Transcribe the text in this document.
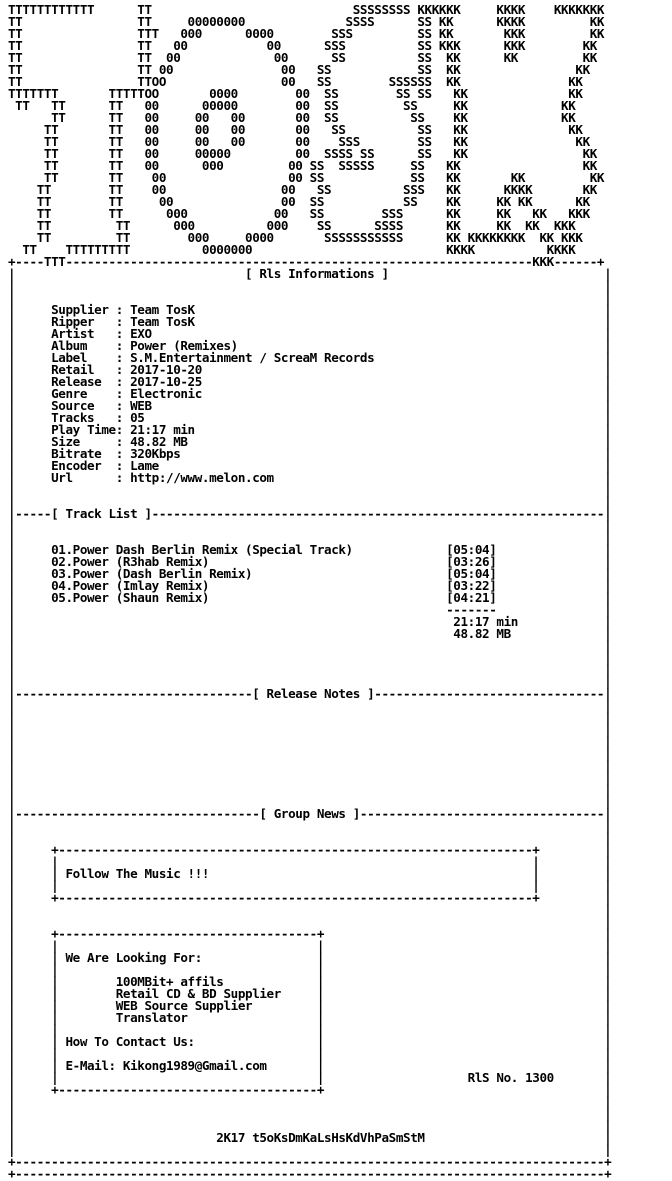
TTTTTTTTTTTT      TT                            SSSSSSSS KKKKKK     KKKK    KKKKKKK
TT                TT     00000000              SSSS      SS KK      KKKK         KK
TT                TTT   000      0000        SSS         SS KK       KKK         KK
TT                TT   00           00      SSS          SS KKK      KKK        KK
TT                TT  00             00      SS          SS  KK      KK         KK
TT                TT 00               00   SS            SS  KK                KK
TT                TTOO                00   SS        SSSSSS  KK               KK
TTTTTTT       TTTTTOO       0000        00  SS        SS SS   KK              KK
TT   TT      TT   00      00000        00  SS         SS     KK             KK
TT      TT   00     00   00       00  SS          SS    KK             KK
TT       TT   00     00   00       00   SS          SS   KK              KK
TT       TT   00     00   00       00    SSS        SS   KK               KK
TT       TT   00     00000         00  SSSS SS      SS   KK                KK
TT       TT   00      000         00 SS  SSSSS     SS   KK                 KK
TT       TT    00                 00 SS            SS   KK       KK         KK
TT        TT    00                00   SS          SSS   KK      KKKK       KK
TT        TT     00               00  SS           SS    KK     KK KK      KK
TT        TT      000            00   SS        SSS      KK     KK   KK   KKK
TT         TT      000          000    SS      SSSS      KK     KK  KK  KKK
TT         TT        000     0000       SSSSSSSSSSS      KK KKKKKKKK  KK KKK
TT    TTTTTTTTT          0000000                           KKKK          KKKK
+----TTT-----------------------------------------------------------------KKK------+
|                                [ Rls Informations ]                              |
|                                                                                  |
|                                                                                  |
|     Supplier : Team TosK                                                         |
|     Ripper   : Team TosK                                                         |
|     Artist   : EXO                                                               |
|     Album    : Power (Remixes)                                                   |
|     Label    : S.M.Entertainment / ScreaM Records                                |
|     Retail   : 2017-10-20                                                        |
|     Release  : 2017-10-25                                                        |
|     Genre    : Electronic                                                        |
|     Source   : WEB                                                               |
|     Tracks   : 05                                                                |
|     Play Time: 21:17 min                                                         |
|     Size     : 48.82 MB                                                          |
|     Bitrate  : 320Kbps                                                           |
|     Encoder  : Lame                                                              |
|     Url      : http://www.melon.com                                              |
|                                                                                  |
|                                                                                  |
|-----[ Track List ]---------------------------------------------------------------|
|                                                                                  |
|                                                                                  |
|     01.Power Dash Berlin Remix (Special Track)             [05:04]               |
|     02.Power (R3hab Remix)                                 [03:26]               |
|     03.Power (Dash Berlin Remix)                           [05:04]               |
|     04.Power (Imlay Remix)                                 [03:22]               |
|     05.Power (Shaun Remix)                                 [04:21]               |
|                                                            -------               |
|                                                             21:17 min            |
|                                                             48.82 MB             |
|                                                                                  |
|                                                                                  |
|                                                                                  |
|                                                                                  |
|---------------------------------[ Release Notes ]--------------------------------|
|                                                                                  |
|                                                                                  |
|                                                                                  |
|                                                                                  |
|                                                                                  |
|                                                                                  |
|                                                                                  |
|                                                                                  |
|                                                                                  |
|----------------------------------[ Group News ]----------------------------------|
|                                                                                  |
|                                                                                  |
|     +------------------------------------------------------------------+         |
|     |                                                                  |         |
|     | Follow The Music !!!                                             |         |
|     |                                                                  |         |
|     +------------------------------------------------------------------+         |
|                                                                                  |
|                                                                                  |
|     +------------------------------------+                                       |
|     |                                    |                                       |
|     | We Are Looking For:                |                                       |
|     |                                    |                                       |
|     |        100MBit+ affils             |                                       |
|     |        Retail CD & BD Supplier     |                                       |
|     |        WEB Source Supplier         |                                       |
|     |        Translator                  |                                       |
|     |                                    |                                       |
|     | How To Contact Us:                 |                                       |
|     |                                    |                                       |
|     | E-Mail: Kikong1989@Gmail.com       |                                       |
|     |                                    |                    RlS No. 1300       |
|     +------------------------------------+                                       |
|                                                                                  |
|                                                                                  |
|                                                                                  |
|                            2K17 t5oKsDmKaLsHsKdVhPaSmStM                         |
|                                                                                  |
+----------------------------------------------------------------------------------+
+----------------------------------------------------------------------------------+
